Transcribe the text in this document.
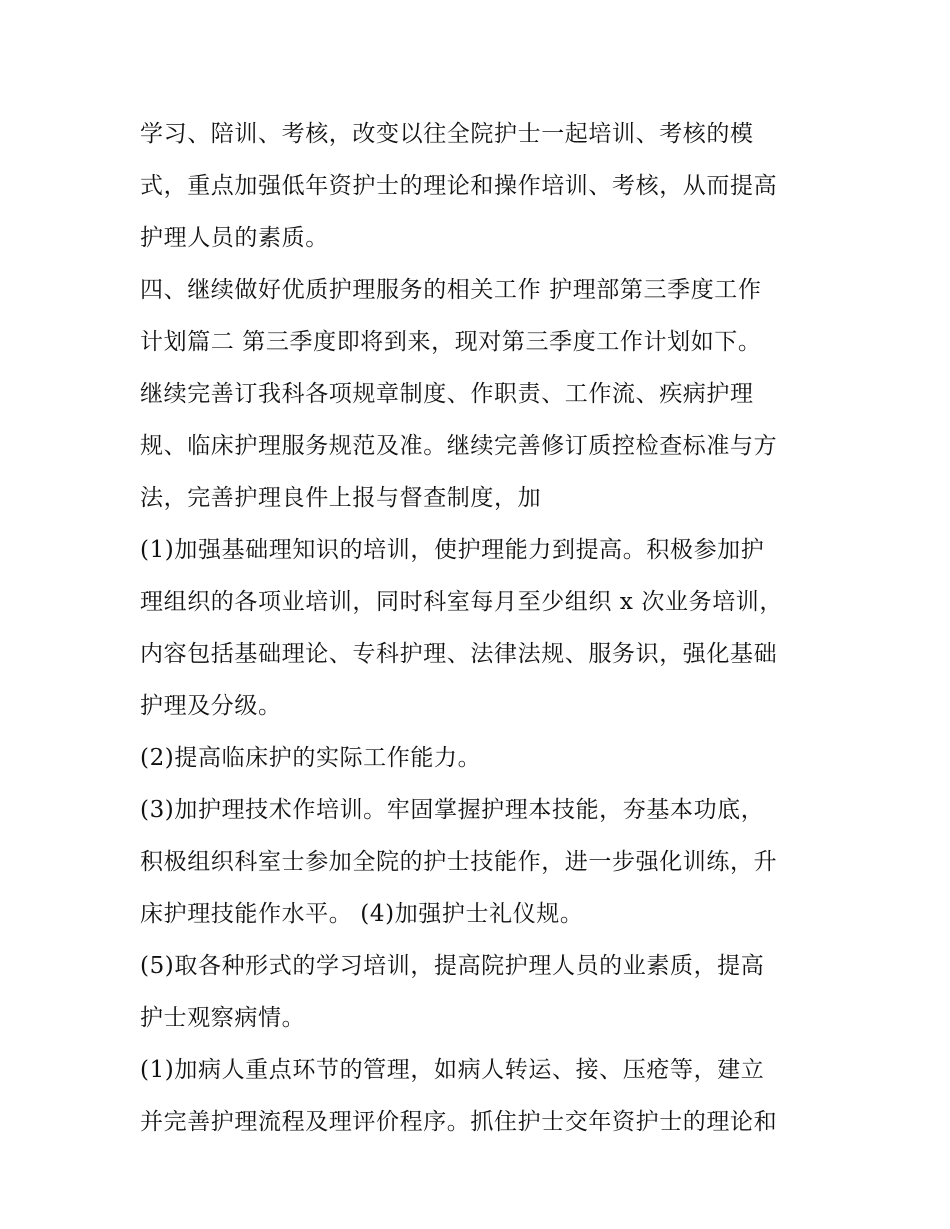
学习、陪训、考核，改变以往全院护士一起培训、考核的模
式，重点加强低年资护士的理论和操作培训、考核，从而提高
护理人员的素质。
四、继续做好优质护理服务的相关工作 护理部第三季度工作
计划篇二 第三季度即将到来，现对第三季度工作计划如下。
继续完善订我科各项规章制度、作职责、工作流、疾病护理
规、临床护理服务规范及准。继续完善修订质控检查标准与方
法，完善护理良件上报与督查制度，加
(1)加强基础理知识的培训，使护理能力到提高。积极参加护
理组织的各项业培训，同时科室每月至少组织 x 次业务培训，
内容包括基础理论、专科护理、法律法规、服务识，强化基础
护理及分级。
(2)提高临床护的实际工作能力。
(3)加护理技术作培训。牢固掌握护理本技能，夯基本功底，
积极组织科室士参加全院的护士技能作，进一步强化训练，升
床护理技能作水平。 (4)加强护士礼仪规。
(5)取各种形式的学习培训，提高院护理人员的业素质，提高
护士观察病情。
(1)加病人重点环节的管理，如病人转运、接、压疮等，建立
并完善护理流程及理评价程序。抓住护士交年资护士的理论和
